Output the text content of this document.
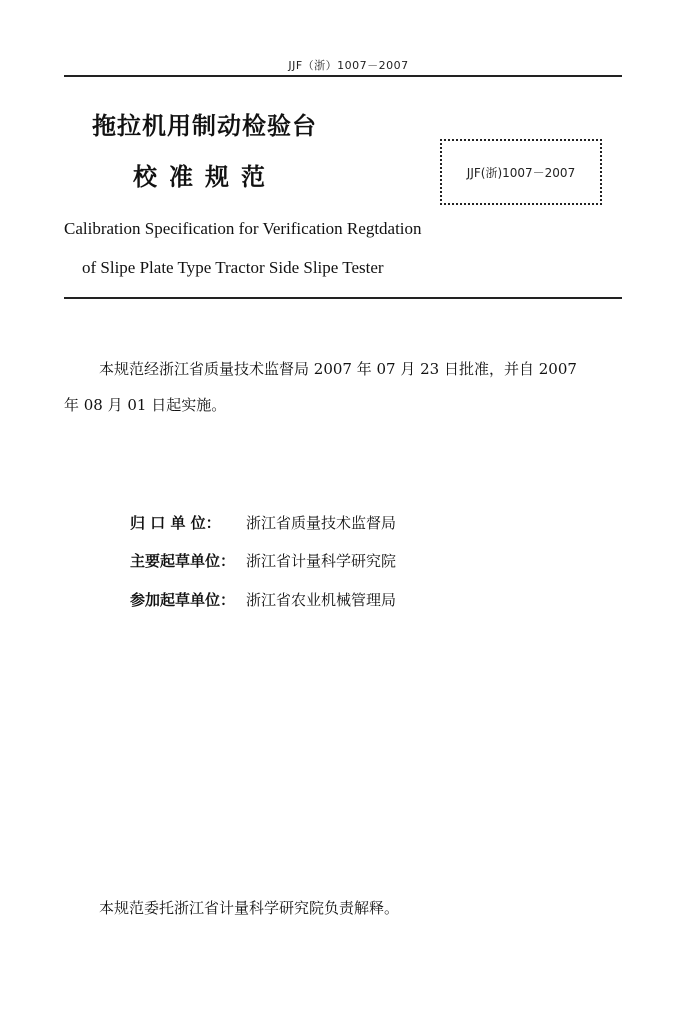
JJF（浙）1007－2007
拖拉机用制动检验台
校准规范	JJF(浙)1007－2007
Calibration Specification for Verification Regtdation
of Slipe Plate Type Tractor Side Slipe Tester
本规范经浙江省质量技术监督局 2007 年 07 月 23 日批准，并自 2007
年 08 月 01 日起实施。
归 口 单 位：	浙江省质量技术监督局
主要起草单位： 浙江省计量科学研究院
参加起草单位： 浙江省农业机械管理局
本规范委托浙江省计量科学研究院负责解释。
